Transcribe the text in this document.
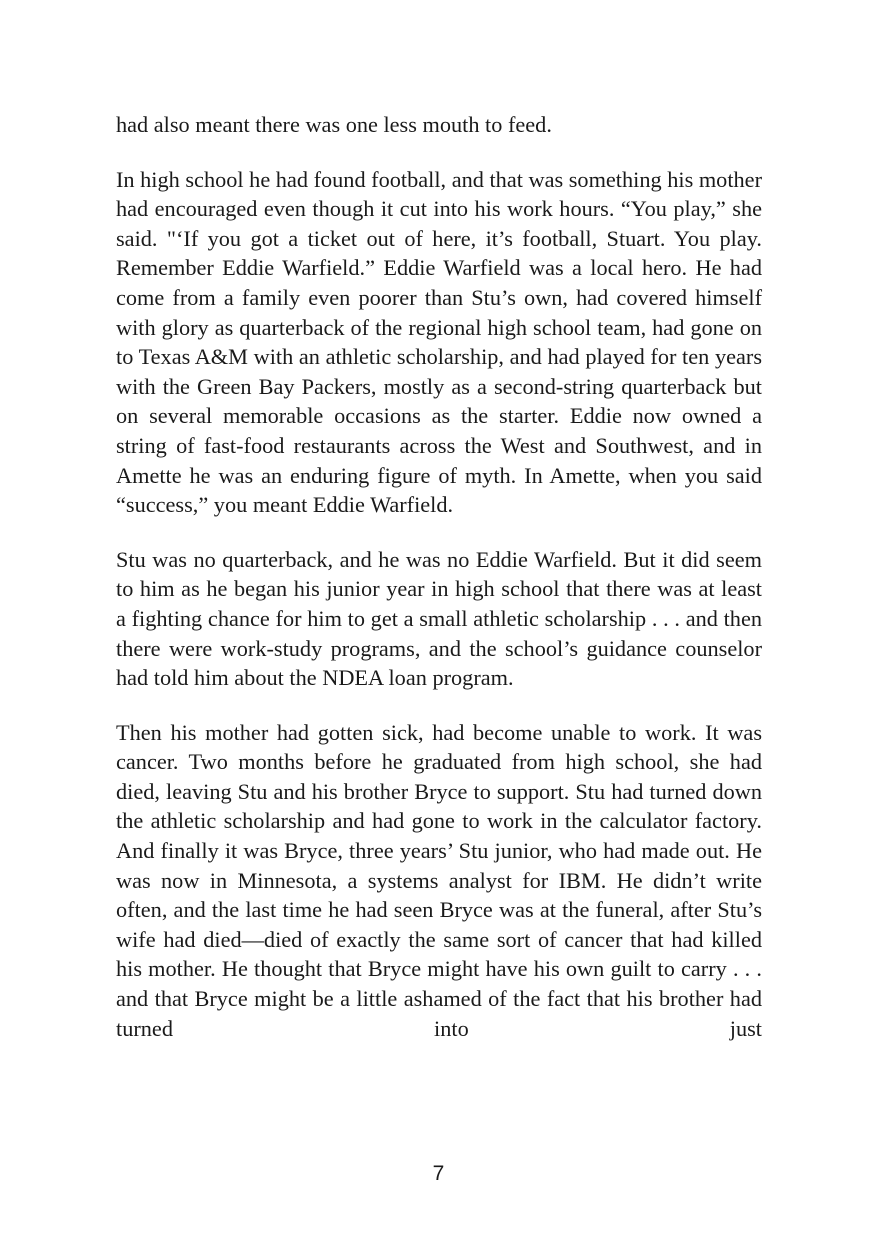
had also meant there was one less mouth to feed.

In high school he had found football, and that was something his mother had encouraged even though it cut into his work hours. “You play,” she said. "‘If you got a ticket out of here, it’s football, Stuart. You play. Remember Eddie Warfield.” Eddie Warfield was a local hero. He had come from a family even poorer than Stu’s own, had covered himself with glory as quarterback of the regional high school team, had gone on to Texas A&M with an athletic scholarship, and had played for ten years with the Green Bay Packers, mostly as a second-string quarterback but on several memorable occasions as the starter. Eddie now owned a string of fast-food restaurants across the West and Southwest, and in Amette he was an enduring figure of myth. In Amette, when you said “success,” you meant Eddie Warfield.

Stu was no quarterback, and he was no Eddie Warfield. But it did seem to him as he began his junior year in high school that there was at least a fighting chance for him to get a small athletic scholarship . . . and then there were work-study programs, and the school’s guidance counselor had told him about the NDEA loan program.

Then his mother had gotten sick, had become unable to work. It was cancer. Two months before he graduated from high school, she had died, leaving Stu and his brother Bryce to support. Stu had turned down the athletic scholarship and had gone to work in the calculator factory. And finally it was Bryce, three years’ Stu junior, who had made out. He was now in Minnesota, a systems analyst for IBM. He didn’t write often, and the last time he had seen Bryce was at the funeral, after Stu’s wife had died—died of exactly the same sort of cancer that had killed his mother. He thought that Bryce might have his own guilt to carry . . . and that Bryce might be a little ashamed of the fact that his brother had turned into just

7
